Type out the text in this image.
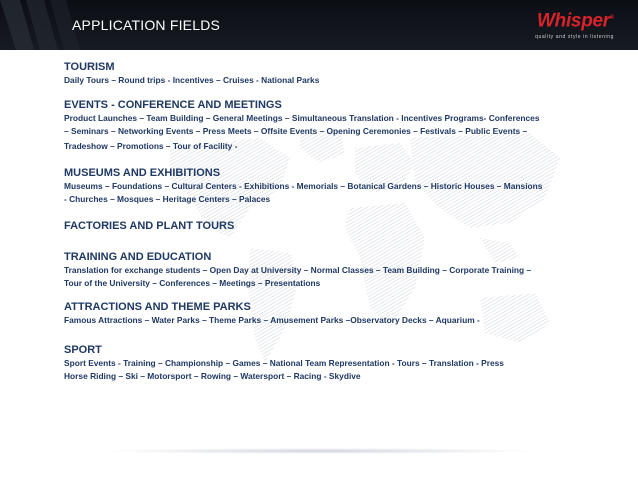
APPLICATION FIELDS	Whisper®
quality and style in listening

TOURISM

Daily Tours – Round trips - Incentives – Cruises - National Parks

EVENTS - CONFERENCE AND MEETINGS

Product Launches – Team Building – General Meetings – Simultaneous Translation - Incentives Programs- Conferences

– Seminars – Networking Events – Press Meets – Offsite Events – Opening Ceremonies – Festivals – Public Events –

Tradeshow – Promotions – Tour of Facility -

MUSEUMS AND EXHIBITIONS

Museums – Foundations – Cultural Centers - Exhibitions - Memorials – Botanical Gardens – Historic Houses – Mansions

- Churches – Mosques – Heritage Centers – Palaces

FACTORIES AND PLANT TOURS

TRAINING AND EDUCATION

Translation for exchange students – Open Day at University – Normal Classes – Team Building – Corporate Training –

Tour of the University – Conferences – Meetings – Presentations

ATTRACTIONS AND THEME PARKS

Famous Attractions – Water Parks – Theme Parks – Amusement Parks –Observatory Decks – Aquarium -

SPORT

Sport Events - Training – Championship – Games – National Team Representation - Tours – Translation - Press

Horse Riding – Ski – Motorsport – Rowing – Watersport – Racing - Skydive
